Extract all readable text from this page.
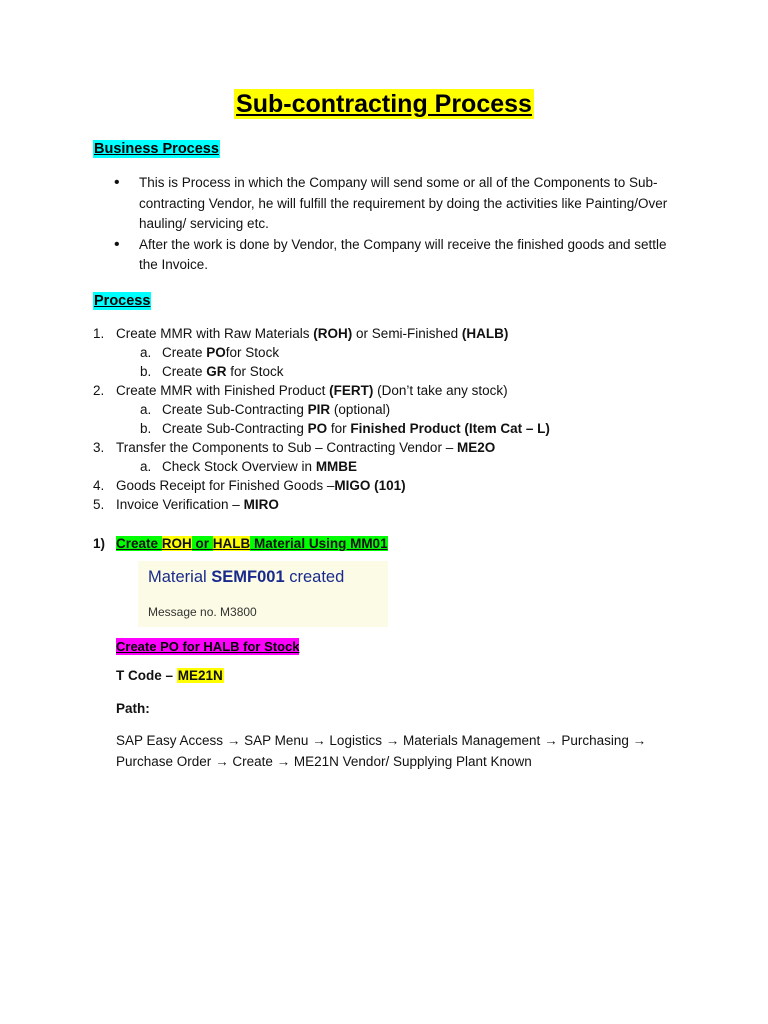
Sub-contracting Process
Business Process
• This is Process in which the Company will send some or all of the Components to Sub-contracting Vendor, he will fulfill the requirement by doing the activities like Painting/Over hauling/ servicing etc.
• After the work is done by Vendor, the Company will receive the finished goods and settle the Invoice.
Process
1. Create MMR with Raw Materials (ROH) or Semi-Finished (HALB)
a. Create POfor Stock
b. Create GR for Stock
2. Create MMR with Finished Product (FERT) (Don’t take any stock)
a. Create Sub-Contracting PIR (optional)
b. Create Sub-Contracting PO for Finished Product (Item Cat – L)
3. Transfer the Components to Sub – Contracting Vendor – ME2O
a. Check Stock Overview in MMBE
4. Goods Receipt for Finished Goods –MIGO (101)
5. Invoice Verification – MIRO
1) Create ROH or HALB Material Using MM01
Material SEMF001 created
Message no. M3800
Create PO for HALB for Stock
T Code – ME21N
Path:
SAP Easy Access → SAP Menu → Logistics → Materials Management → Purchasing → Purchase Order → Create → ME21N Vendor/ Supplying Plant Known
